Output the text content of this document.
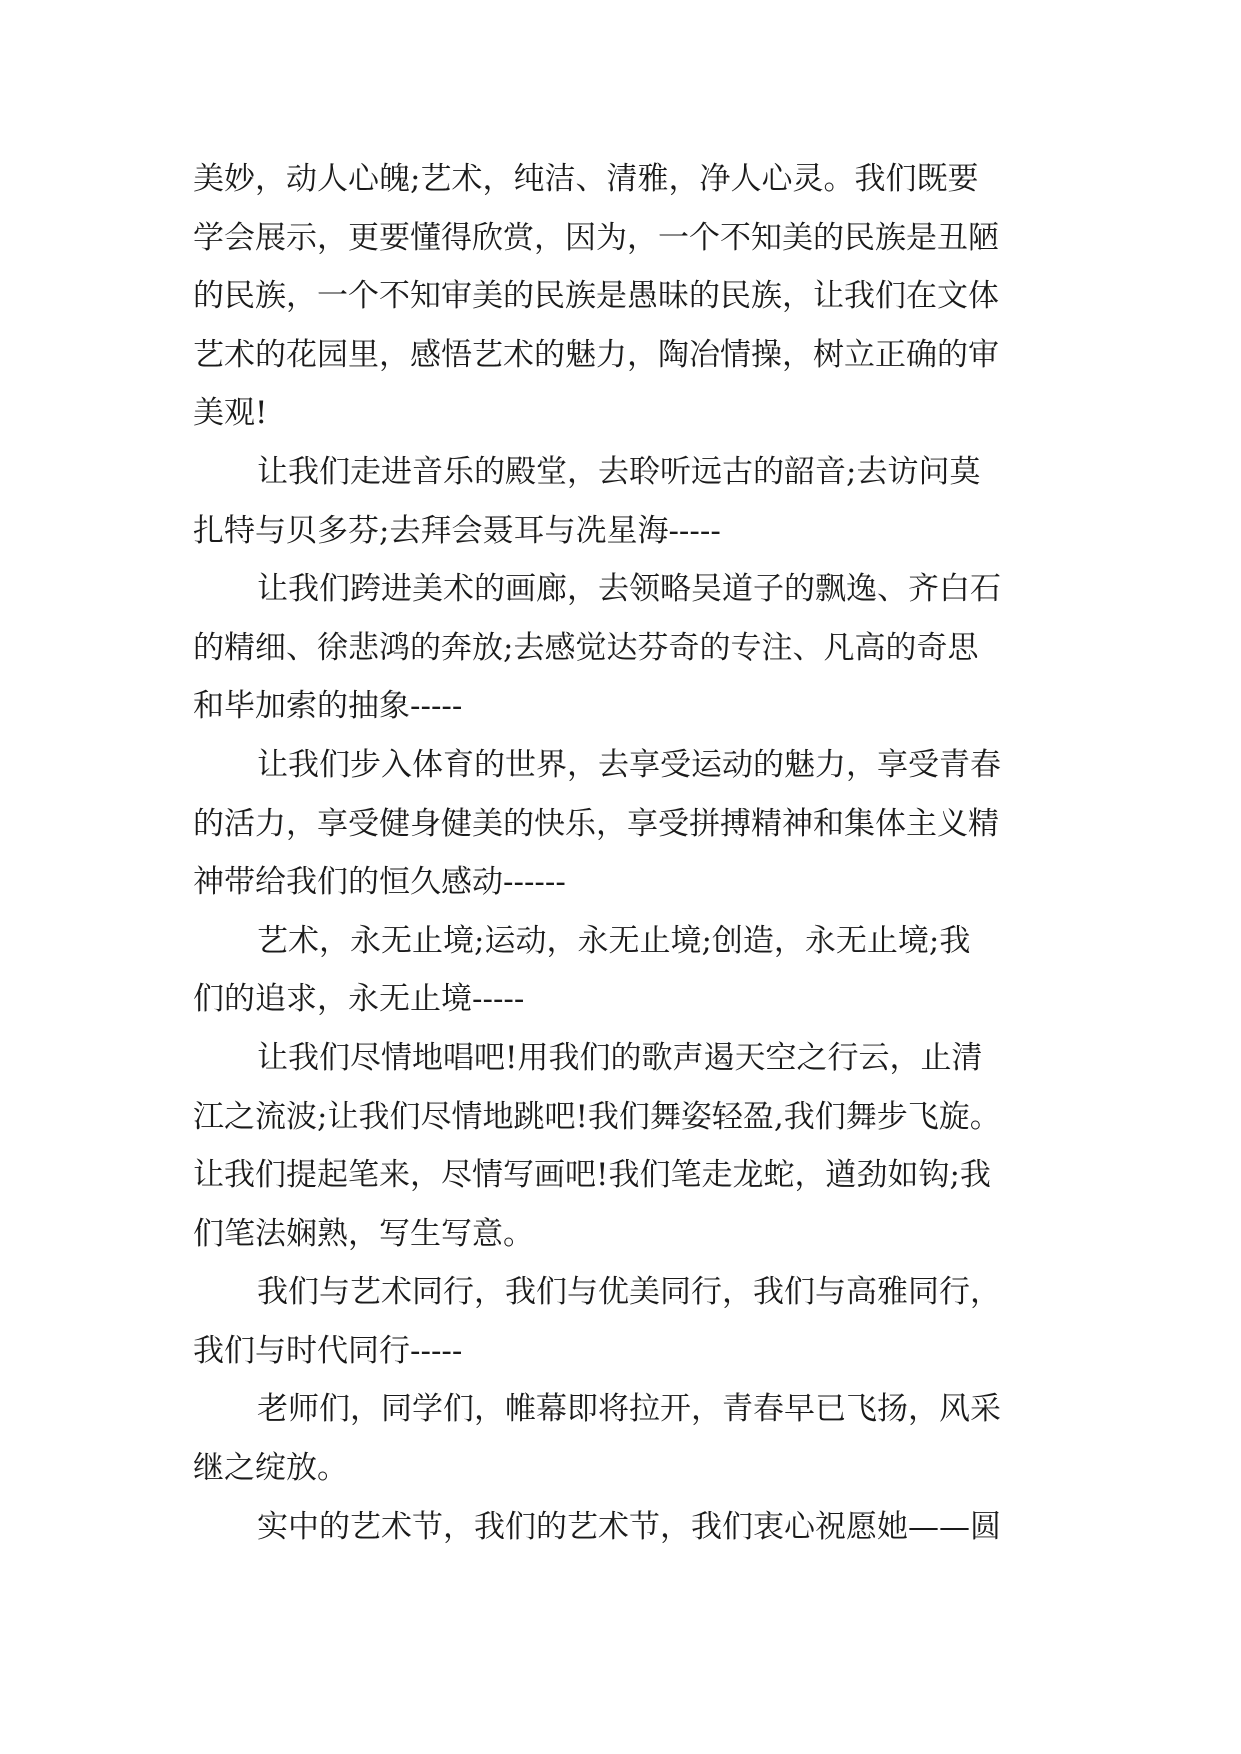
美妙，动人心魄;艺术，纯洁、清雅，净人心灵。我们既要
学会展示，更要懂得欣赏，因为，一个不知美的民族是丑陋
的民族，一个不知审美的民族是愚昧的民族，让我们在文体
艺术的花园里，感悟艺术的魅力，陶冶情操，树立正确的审
美观!
让我们走进音乐的殿堂，去聆听远古的韶音;去访问莫
扎特与贝多芬;去拜会聂耳与冼星海-----
让我们跨进美术的画廊，去领略吴道子的飘逸、齐白石
的精细、徐悲鸿的奔放;去感觉达芬奇的专注、凡高的奇思
和毕加索的抽象-----
让我们步入体育的世界，去享受运动的魅力，享受青春
的活力，享受健身健美的快乐，享受拼搏精神和集体主义精
神带给我们的恒久感动------
艺术，永无止境;运动，永无止境;创造，永无止境;我
们的追求，永无止境-----
让我们尽情地唱吧!用我们的歌声遏天空之行云，止清
江之流波;让我们尽情地跳吧!我们舞姿轻盈,我们舞步飞旋。
让我们提起笔来，尽情写画吧!我们笔走龙蛇，遒劲如钩;我
们笔法娴熟，写生写意。
我们与艺术同行，我们与优美同行，我们与高雅同行，
我们与时代同行-----
老师们，同学们，帷幕即将拉开，青春早已飞扬，风采
继之绽放。
实中的艺术节，我们的艺术节，我们衷心祝愿她——圆
